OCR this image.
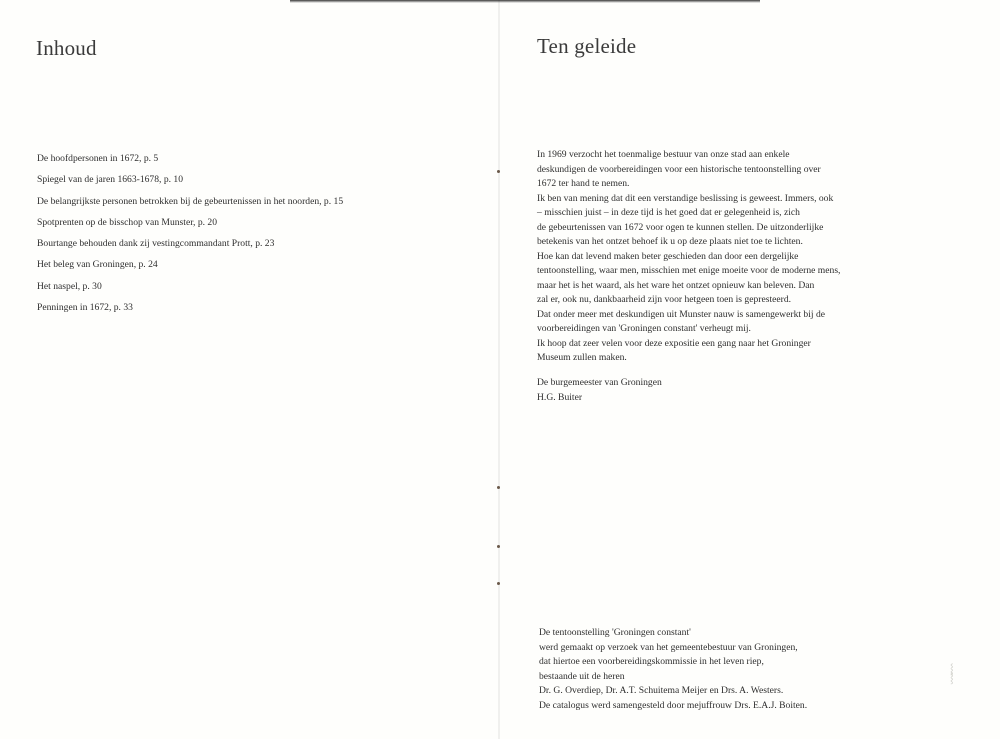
Inhoud
De hoofdpersonen in 1672, p. 5
Spiegel van de jaren 1663-1678, p. 10
De belangrijkste personen betrokken bij de gebeurtenissen in het noorden, p. 15
Spotprenten op de bisschop van Munster, p. 20
Bourtange behouden dank zij vestingcommandant Prott, p. 23
Het beleg van Groningen, p. 24
Het naspel, p. 30
Penningen in 1672, p. 33
Ten geleide

In 1969 verzocht het toenmalige bestuur van onze stad aan enkele
deskundigen de voorbereidingen voor een historische tentoonstelling over
1672 ter hand te nemen.
Ik ben van mening dat dit een verstandige beslissing is geweest. Immers, ook
– misschien juist – in deze tijd is het goed dat er gelegenheid is, zich
de gebeurtenissen van 1672 voor ogen te kunnen stellen. De uitzonderlijke
betekenis van het ontzet behoef ik u op deze plaats niet toe te lichten.
Hoe kan dat levend maken beter geschieden dan door een dergelijke
tentoonstelling, waar men, misschien met enige moeite voor de moderne mens,
maar het is het waard, als het ware het ontzet opnieuw kan beleven. Dan
zal er, ook nu, dankbaarheid zijn voor hetgeen toen is gepresteerd.
Dat onder meer met deskundigen uit Munster nauw is samengewerkt bij de
voorbereidingen van 'Groningen constant' verheugt mij.
Ik hoop dat zeer velen voor deze expositie een gang naar het Groninger
Museum zullen maken.

De burgemeester van Groningen
H.G. Buiter
De tentoonstelling 'Groningen constant'
werd gemaakt op verzoek van het gemeentebestuur van Groningen,
dat hiertoe een voorbereidingskommissie in het leven riep,
bestaande uit de heren
Dr. G. Overdiep, Dr. A.T. Schuitema Meijer en Drs. A. Westers.
De catalogus werd samengesteld door mejuffrouw Drs. E.A.J. Boiten.
⸾
⸾
